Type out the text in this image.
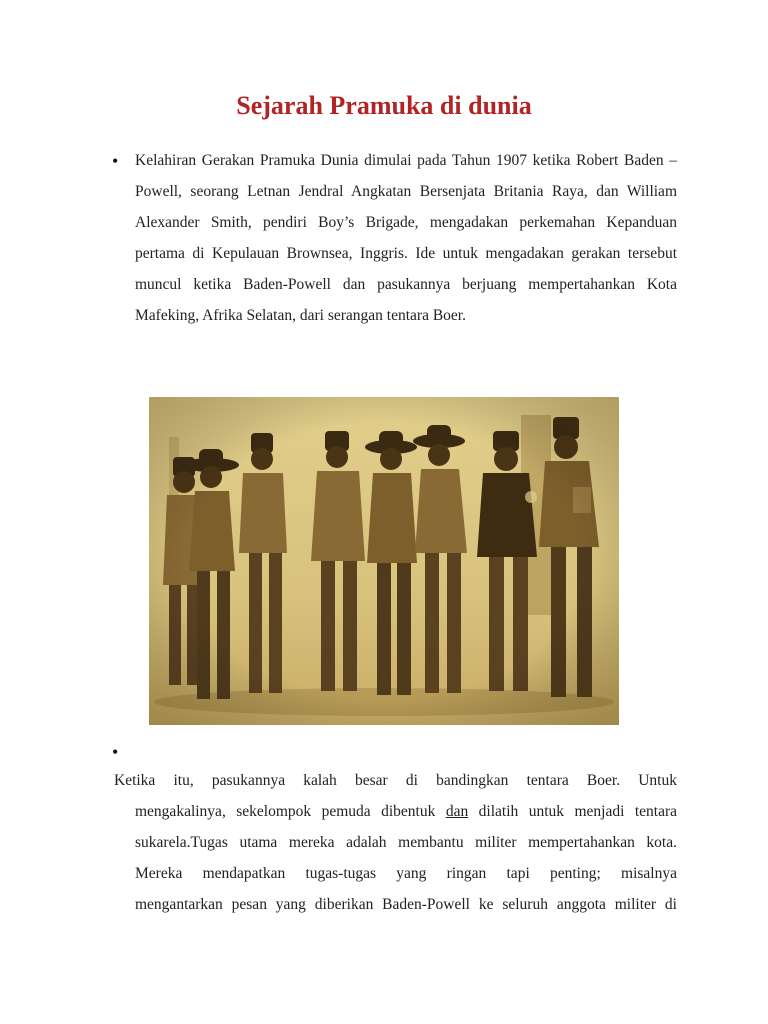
Sejarah Pramuka di dunia
• Kelahiran Gerakan Pramuka Dunia dimulai pada Tahun 1907 ketika Robert Baden – Powell, seorang Letnan Jendral Angkatan Bersenjata Britania Raya, dan William Alexander Smith, pendiri Boy’s Brigade, mengadakan perkemahan Kepanduan pertama di Kepulauan Brownsea, Inggris. Ide untuk mengadakan gerakan tersebut muncul ketika Baden-Powell dan pasukannya berjuang mempertahankan Kota Mafeking, Afrika Selatan, dari serangan tentara Boer.

•
Ketika itu, pasukannya kalah besar di bandingkan tentara Boer. Untuk
mengakalinya, sekelompok pemuda dibentuk dan dilatih untuk menjadi tentara
sukarela.Tugas utama mereka adalah membantu militer mempertahankan kota.
Mereka mendapatkan tugas-tugas yang ringan tapi penting; misalnya
mengantarkan pesan yang diberikan Baden-Powell ke seluruh anggota militer di
